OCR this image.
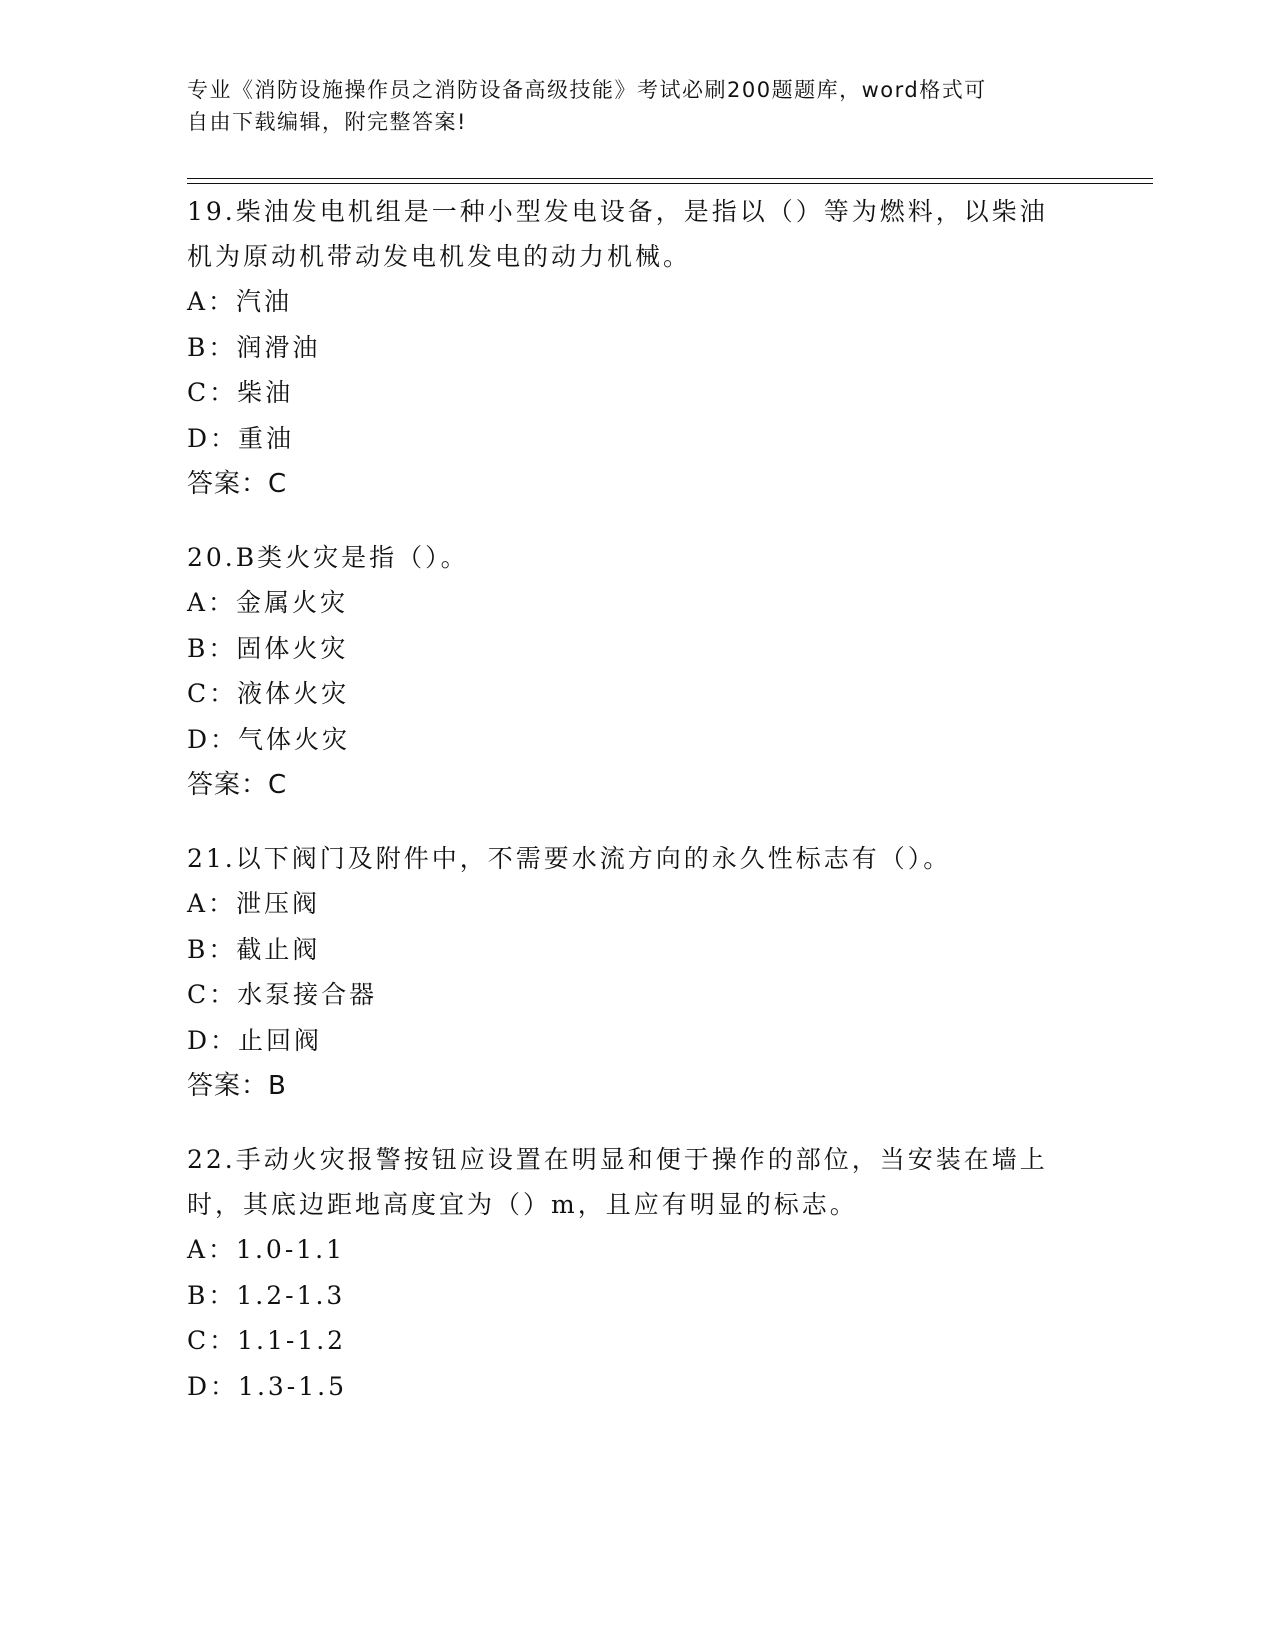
专业《消防设施操作员之消防设备高级技能》考试必刷200题题库，word格式可
自由下载编辑，附完整答案!

19.柴油发电机组是一种小型发电设备，是指以（）等为燃料，以柴油

机为原动机带动发电机发电的动力机械。

A：汽油

B：润滑油

C：柴油

D：重油

答案：C

20.B类火灾是指（）。

A：金属火灾

B：固体火灾

C：液体火灾

D：气体火灾

答案：C

21.以下阀门及附件中，不需要水流方向的永久性标志有（）。

A：泄压阀

B：截止阀

C：水泵接合器

D：止回阀

答案：B

22.手动火灾报警按钮应设置在明显和便于操作的部位，当安装在墙上

时，其底边距地高度宜为（）m，且应有明显的标志。

A：1.0-1.1

B：1.2-1.3

C：1.1-1.2

D：1.3-1.5
